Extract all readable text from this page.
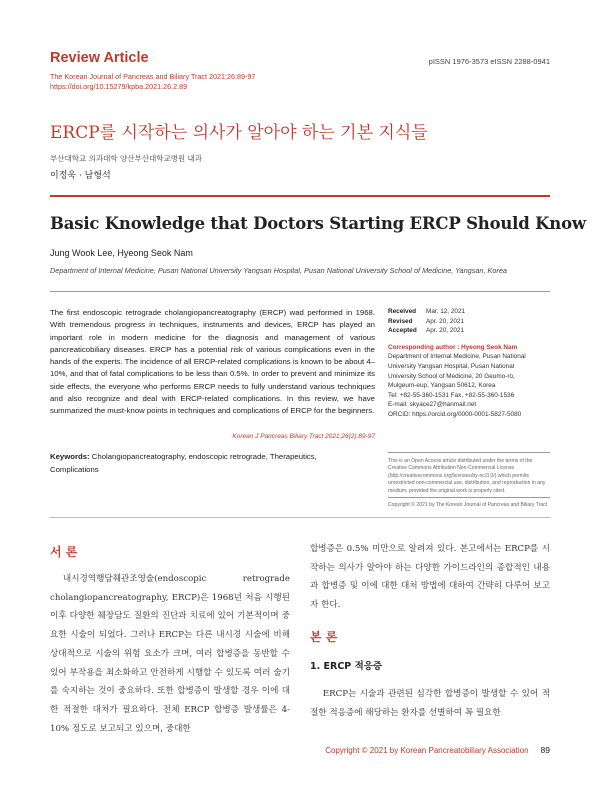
Review Article	pISSN 1976-3573 eISSN 2288-0941
The Korean Journal of Pancreas and Biliary Tract 2021;26:89-97
https://doi.org/10.15279/kpba.2021.26.2.89
ERCP를 시작하는 의사가 알아야 하는 기본 지식들
부산대학교 의과대학 양산부산대학교병원 내과
이정욱 · 남형석
Basic Knowledge that Doctors Starting ERCP Should Know
Jung Wook Lee, Hyeong Seok Nam
Department of Internal Medicine, Pusan National University Yangsan Hospital, Pusan National University School of Medicine, Yangsan, Korea
The first endoscopic retrograde cholangiopancreatography (ERCP) wad performed in 1968. With tremendous progress in techniques, instruments and devices, ERCP has played an important role in modern medicine for the diagnosis and management of various pancreaticobiliary diseases. ERCP has a potential risk of various complications even in the hands of the experts. The incidence of all ERCP-related complications is known to be about 4–10%, and that of fatal complications to be less than 0.5%. In order to prevent and minimize its side effects, the everyone who performs ERCP needs to fully understand various techniques and also recognize and deal with ERCP-related complications. In this review, we have summarized the must-know points in techniques and complications of ERCP for the beginners.
Korean J Pancreas Biliary Tract 2021;26(2):89-97
Keywords: Cholangiopancreatography, endoscopic retrograde, Therapeutics, Complications
Received Mar. 12, 2021
Revised Apr. 20, 2021
Accepted Apr. 20, 2021
Corresponding author : Hyeong Seok Nam
Department of Internal Medicine, Pusan National
University Yangsan Hospital, Pusan National
University School of Medicine, 20 Geumo-ro,
Mulgeum-eup, Yangsan 50612, Korea
Tel: +82-55-360-1531 Fax, +82-55-360-1536
E-mail: skyace27@hanmail.net
ORCID: https://orcid.org/0000-0001-5827-5080
This is an Open Access article distributed under the terms of the Creative Commons Attribution Non-Commercial License (http://creativecommons.org/licenses/by-nc/3.0/) which permits unrestricted non-commercial use, distribution, and reproduction in any medium, provided the original work is properly cited.
Copyright © 2021 by The Korean Journal of Pancreas and Biliary Tract
서 론
내시경역행담췌관조영술(endoscopic retrograde cholangiopancreatography, ERCP)은 1968년 처음 시행된 이후 다양한 췌장담도 질환의 진단과 치료에 있어 기본적이며 중요한 시술이 되었다. 그러나 ERCP는 다른 내시경 시술에 비해 상대적으로 시술의 위험 요소가 크며, 여러 합병증을 동반할 수 있어 부작용을 최소화하고 안전하게 시행할 수 있도록 여러 술기를 숙지하는 것이 중요하다. 또한 합병증이 발생할 경우 이에 대한 적절한 대처가 필요하다. 전체 ERCP 합병증 발생률은 4-10% 정도로 보고되고 있으며, 중대한
합병증은 0.5% 미만으로 알려져 있다. 본고에서는 ERCP를 시작하는 의사가 알아야 하는 다양한 가이드라인의 종합적인 내용과 합병증 및 이에 대한 대처 방법에 대하여 간략히 다루어 보고자 한다.
본 론
1. ERCP 적응증
ERCP는 시술과 관련된 심각한 합병증이 발생할 수 있어 적절한 적응증에 해당하는 환자를 선별하여 꼭 필요한
Copyright © 2021 by Korean Pancreatobiliary Association 89
